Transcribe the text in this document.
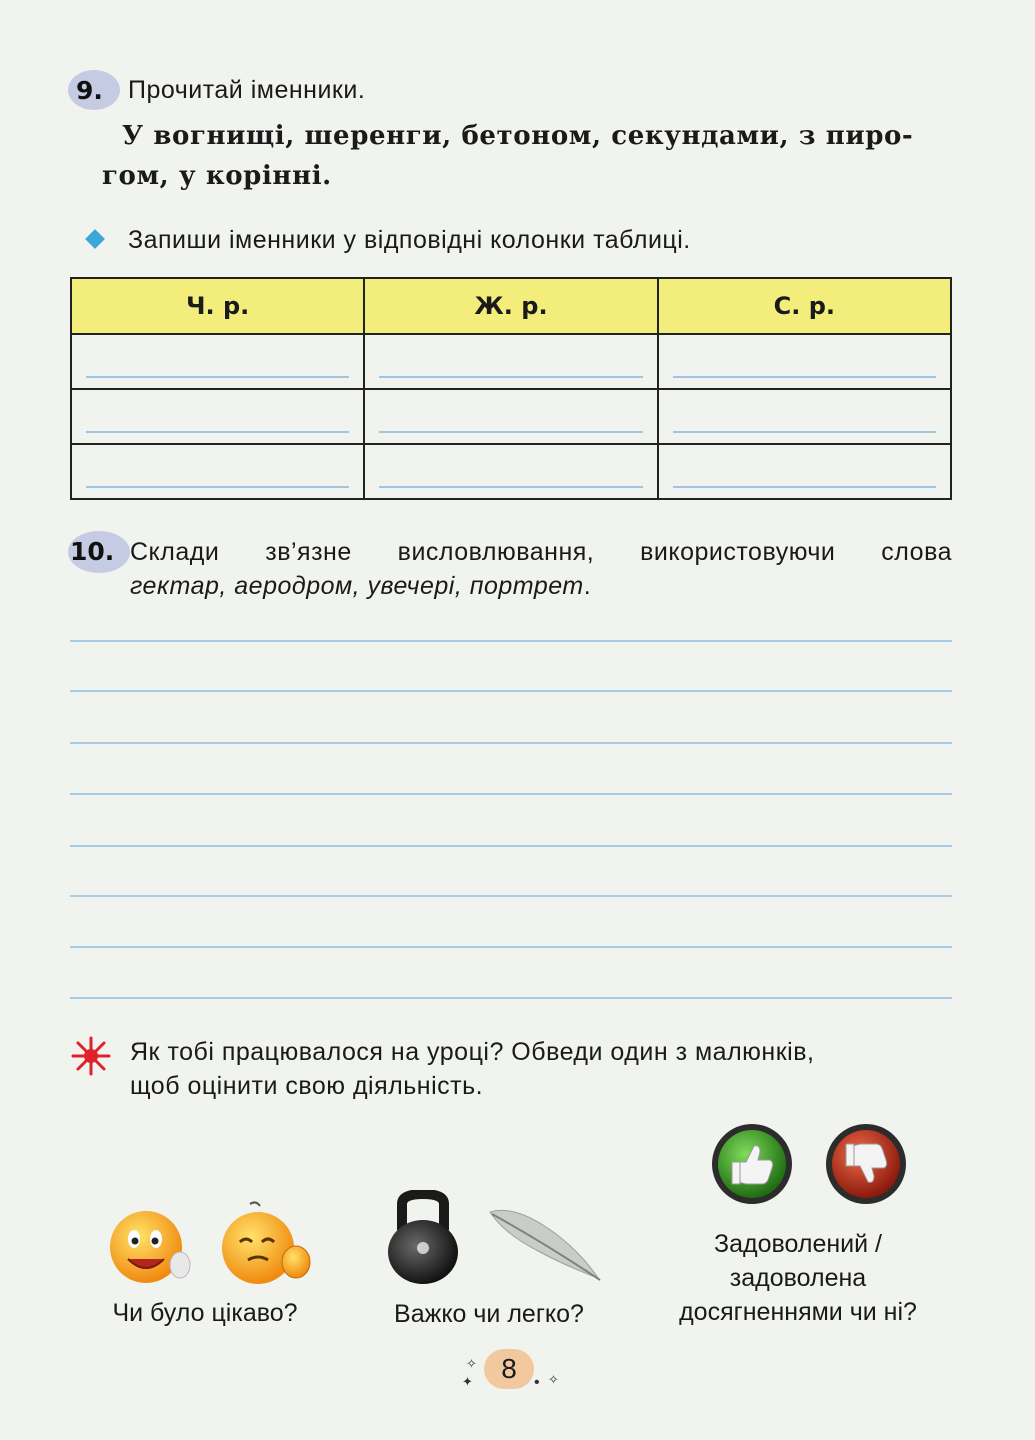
9. Прочитай іменники.
У вогнищі, шеренги, бетоном, секундами, з пиро-
гом, у корінні.
Запиши іменники у відповідні колонки таблиці.
Ч. р.	Ж. р.	С. р.

10. Склади зв’язне висловлювання, використовуючи слова
гектар, аеродром, увечері, портрет.
Як тобі працювалося на уроці? Обведи один з малюнків,
щоб оцінити свою діяльність.
Чи було цікаво?	Важко чи легко?
Задоволений /
задоволена
досягненнями чи ні?
✧
✦	8	• ✧
